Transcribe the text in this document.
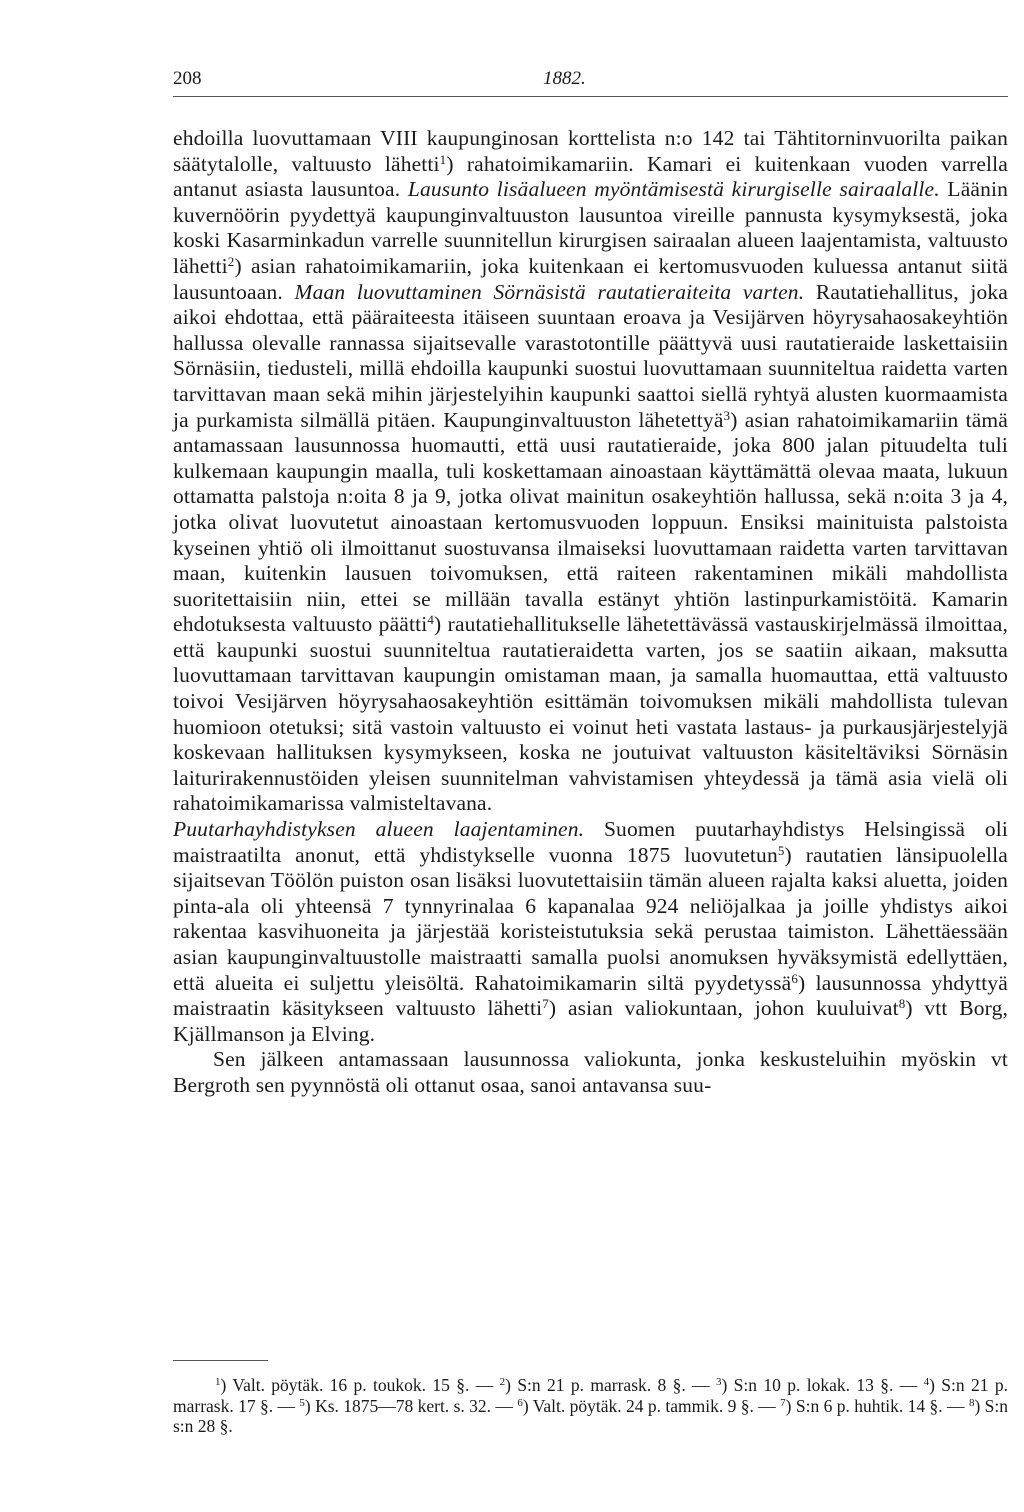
208	1882.

ehdoilla luovuttamaan VIII kaupunginosan korttelista n:o 142 tai Tähtitorninvuorilta paikan säätytalolle, valtuusto lähetti$^1$) rahatoimikamariin. Kamari ei kuitenkaan vuoden varrella antanut asiasta lausuntoa. Lausunto lisäalueen myöntämisestä kirurgiselle sairaalalle. Läänin kuvernöörin pyydettyä kaupunginvaltuuston lausuntoa vireille pannusta kysymyksestä, joka koski Kasarminkadun varrelle suunnitellun kirurgisen sairaalan alueen laajentamista, valtuusto lähetti$^2$) asian rahatoimikamariin, joka kuitenkaan ei kertomusvuoden kuluessa antanut siitä lausuntoaan. Maan luovuttaminen Sörnäsistä rautatieraiteita varten. Rautatiehallitus, joka aikoi ehdottaa, että pääraiteesta itäiseen suuntaan eroava ja Vesijärven höyrysahaosakeyhtiön hallussa olevalle rannassa sijaitsevalle varastotontille päättyvä uusi rautatieraide laskettaisiin Sörnäsiin, tiedusteli, millä ehdoilla kaupunki suostui luovuttamaan suunniteltua raidetta varten tarvittavan maan sekä mihin järjestelyihin kaupunki saattoi siellä ryhtyä alusten kuormaamista ja purkamista silmällä pitäen. Kaupunginvaltuuston lähetettyä$^3$) asian rahatoimikamariin tämä antamassaan lausunnossa huomautti, että uusi rautatieraide, joka 800 jalan pituudelta tuli kulkemaan kaupungin maalla, tuli koskettamaan ainoastaan käyttämättä olevaa maata, lukuun ottamatta palstoja n:oita 8 ja 9, jotka olivat mainitun osakeyhtiön hallussa, sekä n:oita 3 ja 4, jotka olivat luovutetut ainoastaan kertomusvuoden loppuun. Ensiksi mainituista palstoista kyseinen yhtiö oli ilmoittanut suostuvansa ilmaiseksi luovuttamaan raidetta varten tarvittavan maan, kuitenkin lausuen toivomuksen, että raiteen rakentaminen mikäli mahdollista suoritettaisiin niin, ettei se millään tavalla estänyt yhtiön lastinpurkamistöitä. Kamarin ehdotuksesta valtuusto päätti$^4$) rautatiehallitukselle lähetettävässä vastauskirjelmässä ilmoittaa, että kaupunki suostui suunniteltua rautatieraidetta varten, jos se saatiin aikaan, maksutta luovuttamaan tarvittavan kaupungin omistaman maan, ja samalla huomauttaa, että valtuusto toivoi Vesijärven höyrysahaosakeyhtiön esittämän toivomuksen mikäli mahdollista tulevan huomioon otetuksi; sitä vastoin valtuusto ei voinut heti vastata lastaus- ja purkausjärjestelyjä koskevaan hallituksen kysymykseen, koska ne joutuivat valtuuston käsiteltäviksi Sörnäsin laiturirakennustöiden yleisen suunnitelman vahvistamisen yhteydessä ja tämä asia vielä oli rahatoimikamarissa valmisteltavana.

Puutarhayhdistyksen alueen laajentaminen. Suomen puutarhayhdistys Helsingissä oli maistraatilta anonut, että yhdistykselle vuonna 1875 luovutetun$^5$) rautatien länsipuolella sijaitsevan Töölön puiston osan lisäksi luovutettaisiin tämän alueen rajalta kaksi aluetta, joiden pinta-ala oli yhteensä 7 tynnyrinalaa 6 kapanalaa 924 neliöjalkaa ja joille yhdistys aikoi rakentaa kasvihuoneita ja järjestää koristeistutuksia sekä perustaa taimiston. Lähettäessään asian kaupunginvaltuustolle maistraatti samalla puolsi anomuksen hyväksymistä edellyttäen, että alueita ei suljettu yleisöltä. Rahatoimikamarin siltä pyydetyssä$^6$) lausunnossa yhdyttyä maistraatin käsitykseen valtuusto lähetti$^7$) asian valiokuntaan, johon kuuluivat$^8$) vtt Borg, Kjällmanson ja Elving.

Sen jälkeen antamassaan lausunnossa valiokunta, jonka keskusteluihin myöskin vt Bergroth sen pyynnöstä oli ottanut osaa, sanoi antavansa suu-

$^1$) Valt. pöytäk. 16 p. toukok. 15 §. — $^2$) S:n 21 p. marrask. 8 §. — $^3$) S:n 10 p. lokak. 13 §. — $^4$) S:n 21 p. marrask. 17 §. — $^5$) Ks. 1875—78 kert. s. 32. — $^6$) Valt. pöytäk. 24 p. tammik. 9 §. — $^7$) S:n 6 p. huhtik. 14 §. — $^8$) S:n s:n 28 §.
